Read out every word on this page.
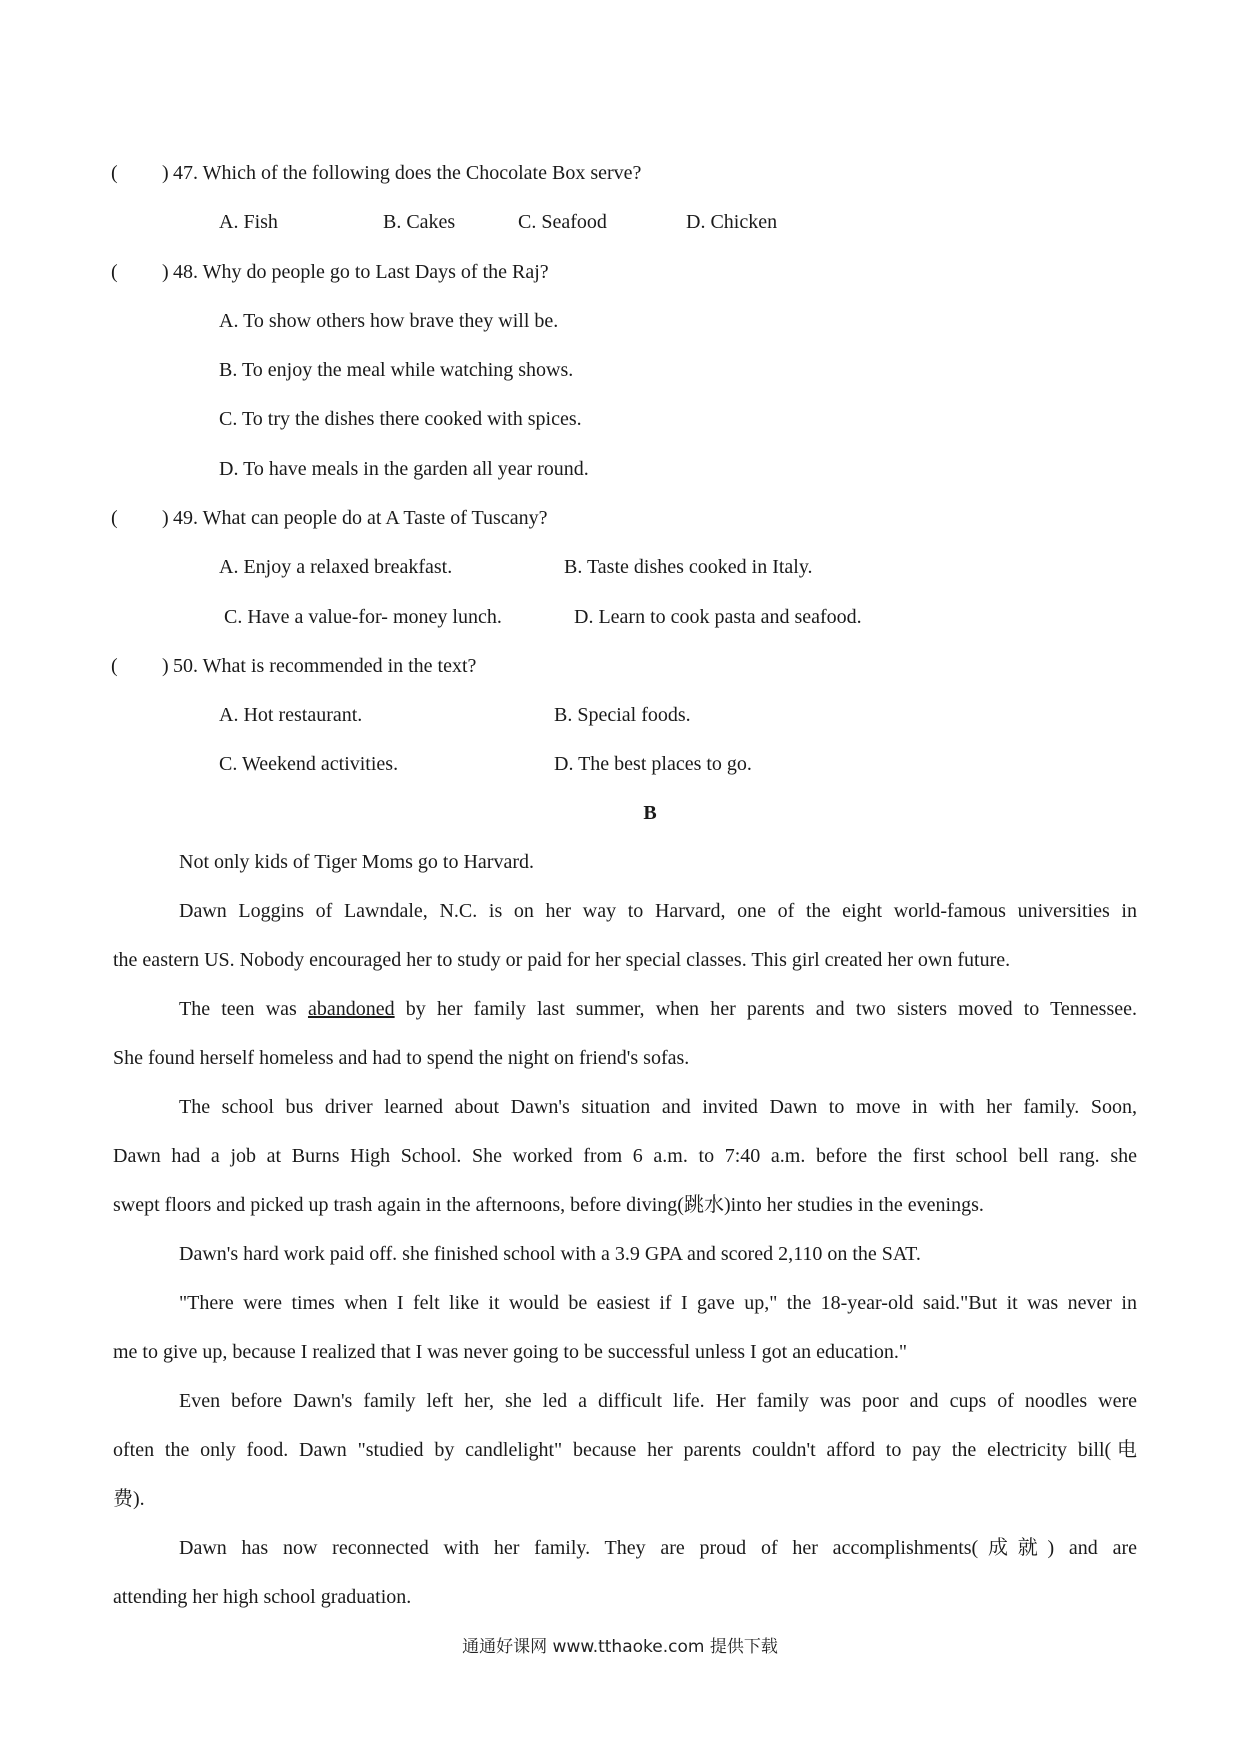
( ) 47. Which of the following does the Chocolate Box serve?
A. Fish	B. Cakes	C. Seafood	D. Chicken
( ) 48. Why do people go to Last Days of the Raj?
A. To show others how brave they will be.
B. To enjoy the meal while watching shows.
C. To try the dishes there cooked with spices.
D. To have meals in the garden all year round.
( ) 49. What can people do at A Taste of Tuscany?
A. Enjoy a relaxed breakfast.	B. Taste dishes cooked in Italy.
C. Have a value-for- money lunch.	D. Learn to cook pasta and seafood.
( ) 50. What is recommended in the text?
A. Hot restaurant.	B. Special foods.
C. Weekend activities.	D. The best places to go.
B
Not only kids of Tiger Moms go to Harvard.
Dawn Loggins of Lawndale, N.C. is on her way to Harvard, one of the eight world-famous universities in
the eastern US. Nobody encouraged her to study or paid for her special classes. This girl created her own future.
The teen was abandoned by her family last summer, when her parents and two sisters moved to Tennessee.
She found herself homeless and had to spend the night on friend's sofas.
The school bus driver learned about Dawn's situation and invited Dawn to move in with her family. Soon,
Dawn had a job at Burns High School. She worked from 6 a.m. to 7:40 a.m. before the first school bell rang. she
swept floors and picked up trash again in the afternoons, before diving(跳水)into her studies in the evenings.
Dawn's hard work paid off. she finished school with a 3.9 GPA and scored 2,110 on the SAT.
"There were times when I felt like it would be easiest if I gave up," the 18-year-old said."But it was never in
me to give up, because I realized that I was never going to be successful unless I got an education."
Even before Dawn's family left her, she led a difficult life. Her family was poor and cups of noodles were
often the only food. Dawn "studied by candlelight" because her parents couldn't afford to pay the electricity bill(电
费).
Dawn has now reconnected with her family. They are proud of her accomplishments(成就) and are
attending her high school graduation.
通通好课网 www.tthaoke.com 提供下载
